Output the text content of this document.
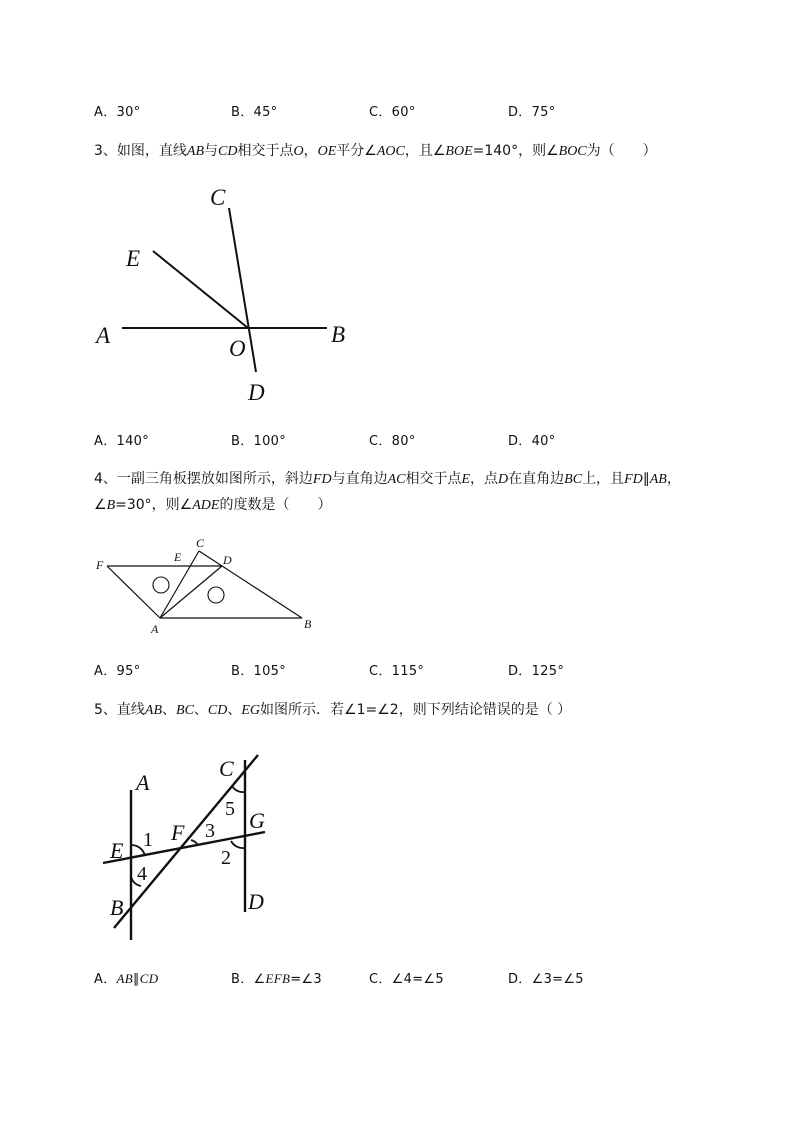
A．30°	B．45°	C．60°	D．75°
3、如图，直线AB与CD相交于点O，OE平分∠AOC，且∠BOE=140°，则∠BOC为（　　）
C
E
A
O
B
D
A．140°	B．100°	C．80°	D．40°
4、一副三角板摆放如图所示，斜边FD与直角边AC相交于点E，点D在直角边BC上，且FD∥AB，
∠B=30°，则∠ADE的度数是（　　）
F
E
C
D
A	B
A．95°	B．105°	C．115°	D．125°
5、直线AB、BC、CD、EG如图所示．若∠1=∠2，则下列结论错误的是（ ）
A
C
G
E
F
B	D
1
2
3
4
5
A．AB∥CD	B．∠EFB=∠3	C．∠4=∠5	D．∠3=∠5
